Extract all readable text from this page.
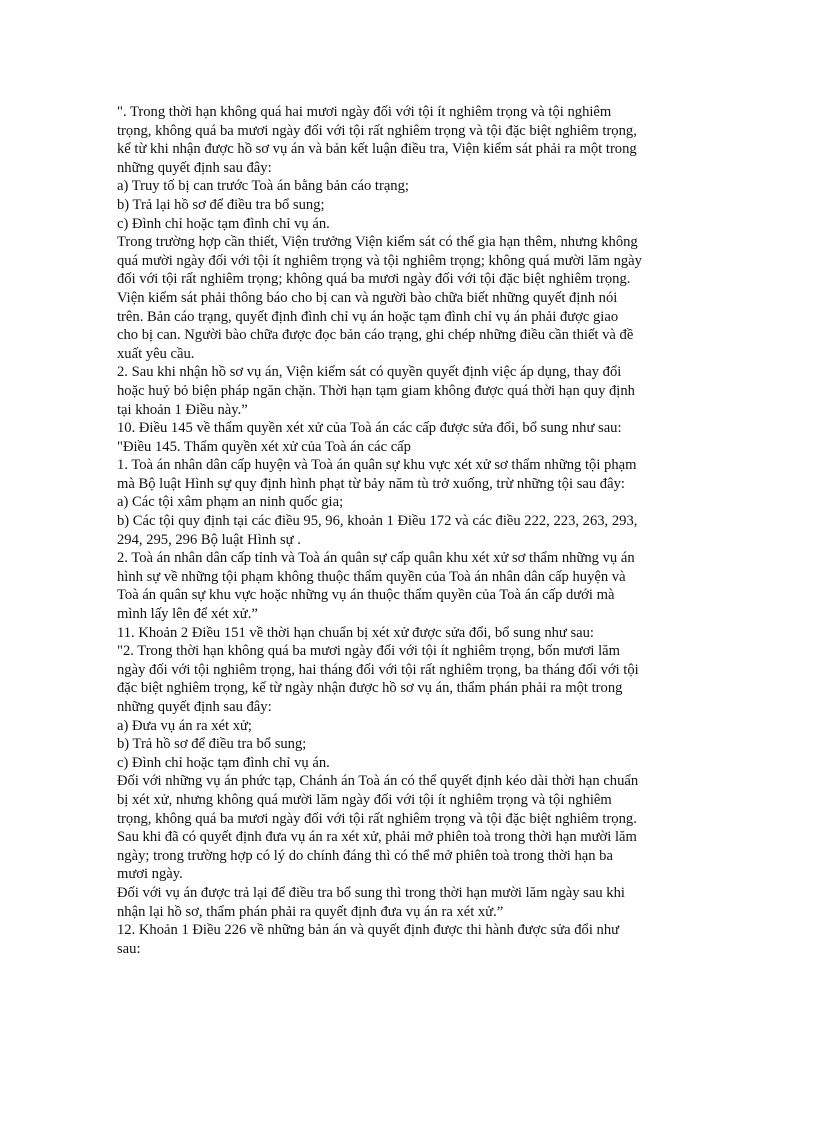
". Trong thời hạn không quá hai mươi ngày đối với tội ít nghiêm trọng và tội nghiêm
trọng, không quá ba mươi ngày đối với tội rất nghiêm trọng và tội đặc biệt nghiêm trọng,
kể từ khi nhận được hồ sơ vụ án và bản kết luận điều tra, Viện kiểm sát phải ra một trong
những quyết định sau đây:
a) Truy tố bị can trước Toà án bằng bản cáo trạng;
b) Trả lại hồ sơ để điều tra bổ sung;
c) Đình chỉ hoặc tạm đình chỉ vụ án.
Trong trường hợp cần thiết, Viện trưởng Viện kiểm sát có thể gia hạn thêm, nhưng không
quá mười ngày đối với tội ít nghiêm trọng và tội nghiêm trọng; không quá mười lăm ngày
đối với tội rất nghiêm trọng; không quá ba mươi ngày đối với tội đặc biệt nghiêm trọng.
Viện kiểm sát phải thông báo cho bị can và người bào chữa biết những quyết định nói
trên. Bản cáo trạng, quyết định đình chỉ vụ án hoặc tạm đình chỉ vụ án phải được giao
cho bị can. Người bào chữa được đọc bản cáo trạng, ghi chép những điều cần thiết và đề
xuất yêu cầu.
2. Sau khi nhận hồ sơ vụ án, Viện kiểm sát có quyền quyết định việc áp dụng, thay đổi
hoặc huỷ bỏ biện pháp ngăn chặn. Thời hạn tạm giam không được quá thời hạn quy định
tại khoản 1 Điều này.”
10. Điều 145 về thẩm quyền xét xử của Toà án các cấp được sửa đổi, bổ sung như sau:
"Điều 145. Thẩm quyền xét xử của Toà án các cấp
1. Toà án nhân dân cấp huyện và Toà án quân sự khu vực xét xử sơ thẩm những tội phạm
mà Bộ luật Hình sự quy định hình phạt từ bảy năm tù trở xuống, trừ những tội sau đây:
a) Các tội xâm phạm an ninh quốc gia;
b) Các tội quy định tại các điều 95, 96, khoản 1 Điều 172 và các điều 222, 223, 263, 293,
294, 295, 296 Bộ luật Hình sự .
2. Toà án nhân dân cấp tỉnh và Toà án quân sự cấp quân khu xét xử sơ thẩm những vụ án
hình sự về những tội phạm không thuộc thẩm quyền của Toà án nhân dân cấp huyện và
Toà án quân sự khu vực hoặc những vụ án thuộc thẩm quyền của Toà án cấp dưới mà
mình lấy lên để xét xử.”
11. Khoản 2 Điều 151 về thời hạn chuẩn bị xét xử được sửa đổi, bổ sung như sau:
"2. Trong thời hạn không quá ba mươi ngày đối với tội ít nghiêm trọng, bốn mươi lăm
ngày đối với tội nghiêm trọng, hai tháng đối với tội rất nghiêm trọng, ba tháng đối với tội
đặc biệt nghiêm trọng, kể từ ngày nhận được hồ sơ vụ án, thẩm phán phải ra một trong
những quyết định sau đây:
a) Đưa vụ án ra xét xử;
b) Trả hồ sơ để điều tra bổ sung;
c) Đình chỉ hoặc tạm đình chỉ vụ án.
Đối với những vụ án phức tạp, Chánh án Toà án có thể quyết định kéo dài thời hạn chuẩn
bị xét xử, nhưng không quá mười lăm ngày đối với tội ít nghiêm trọng và tội nghiêm
trọng, không quá ba mươi ngày đối với tội rất nghiêm trọng và tội đặc biệt nghiêm trọng.
Sau khi đã có quyết định đưa vụ án ra xét xử, phải mở phiên toà trong thời hạn mười lăm
ngày; trong trường hợp có lý do chính đáng thì có thể mở phiên toà trong thời hạn ba
mươi ngày.
Đối với vụ án được trả lại để điều tra bổ sung thì trong thời hạn mười lăm ngày sau khi
nhận lại hồ sơ, thẩm phán phải ra quyết định đưa vụ án ra xét xử.”
12. Khoản 1 Điều 226 về những bản án và quyết định được thi hành được sửa đổi như
sau:
